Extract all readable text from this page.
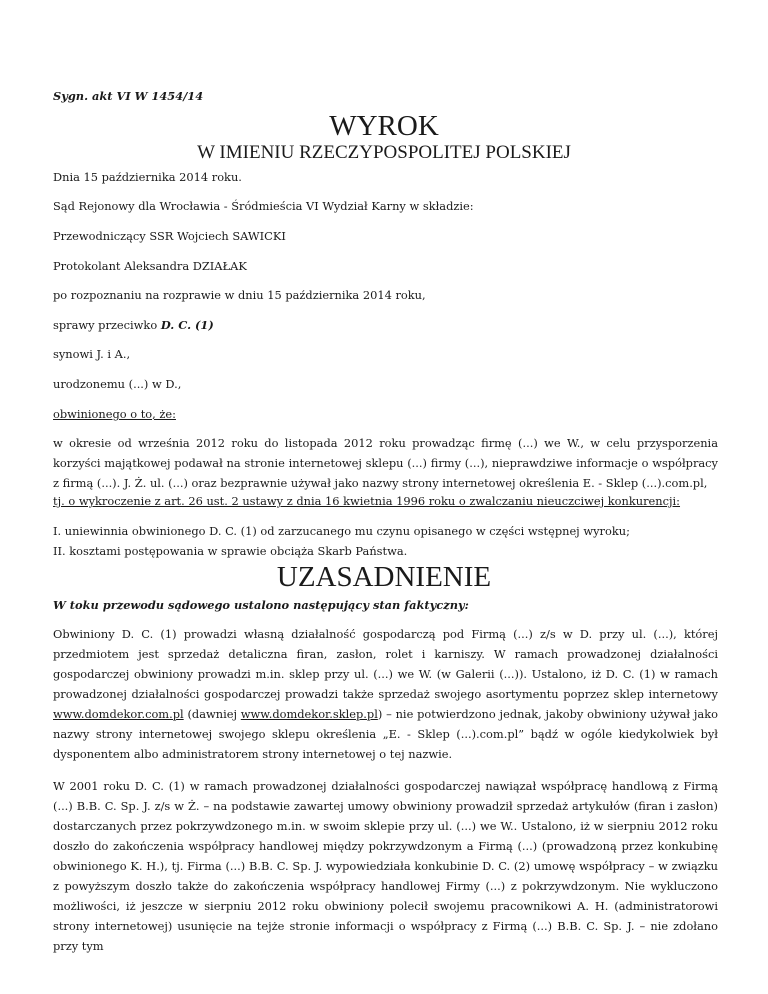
Sygn. akt VI W 1454/14

WYROK
W IMIENIU RZECZYPOSPOLITEJ POLSKIEJ

Dnia 15 października 2014 roku.

Sąd Rejonowy dla Wrocławia - Śródmieścia VI Wydział Karny w składzie:

Przewodniczący SSR Wojciech SAWICKI

Protokolant Aleksandra DZIAŁAK

po rozpoznaniu na rozprawie w dniu 15 października 2014 roku,

sprawy przeciwko D. C. (1)

synowi J. i A.,

urodzonemu (...) w D.,

obwinionego o to, że:

w okresie od września 2012 roku do listopada 2012 roku prowadząc firmę (...) we W., w celu przysporzenia korzyści majątkowej podawał na stronie internetowej sklepu (...) firmy (...), nieprawdziwe informacje o współpracy z firmą (...). J. Ż. ul. (...) oraz bezprawnie używał jako nazwy strony internetowej określenia E. - Sklep (...).com.pl,

tj. o wykroczenie z art. 26 ust. 2 ustawy z dnia 16 kwietnia 1996 roku o zwalczaniu nieuczciwej konkurencji:

I. uniewinnia obwinionego D. C. (1) od zarzucanego mu czynu opisanego w części wstępnej wyroku;

II. kosztami postępowania w sprawie obciąża Skarb Państwa.

UZASADNIENIE

W toku przewodu sądowego ustalono następujący stan faktyczny:

Obwiniony D. C. (1) prowadzi własną działalność gospodarczą pod Firmą (...) z/s w D. przy ul. (...), której przedmiotem jest sprzedaż detaliczna firan, zasłon, rolet i karniszy. W ramach prowadzonej działalności gospodarczej obwiniony prowadzi m.in. sklep przy ul. (...) we W. (w Galerii (...)). Ustalono, iż D. C. (1) w ramach prowadzonej działalności gospodarczej prowadzi także sprzedaż swojego asortymentu poprzez sklep internetowy www.domdekor.com.pl (dawniej www.domdekor.sklep.pl) – nie potwierdzono jednak, jakoby obwiniony używał jako nazwy strony internetowej swojego sklepu określenia „E. - Sklep (...).com.pl” bądź w ogóle kiedykolwiek był dysponentem albo administratorem strony internetowej o tej nazwie.

W 2001 roku D. C. (1) w ramach prowadzonej działalności gospodarczej nawiązał współpracę handlową z Firmą (...) B.B. C. Sp. J. z/s w Ż. – na podstawie zawartej umowy obwiniony prowadził sprzedaż artykułów (firan i zasłon) dostarczanych przez pokrzywdzonego m.in. w swoim sklepie przy ul. (...) we W.. Ustalono, iż w sierpniu 2012 roku doszło do zakończenia współpracy handlowej między pokrzywdzonym a Firmą (...) (prowadzoną przez konkubinę obwinionego K. H.), tj. Firma (...) B.B. C. Sp. J. wypowiedziała konkubinie D. C. (2) umowę współpracy – w związku z powyższym doszło także do zakończenia współpracy handlowej Firmy (...) z pokrzywdzonym. Nie wykluczono możliwości, iż jeszcze w sierpniu 2012 roku obwiniony polecił swojemu pracownikowi A. H. (administratorowi strony internetowej) usunięcie na tejże stronie informacji o współpracy z Firmą (...) B.B. C. Sp. J. – nie zdołano przy tym
